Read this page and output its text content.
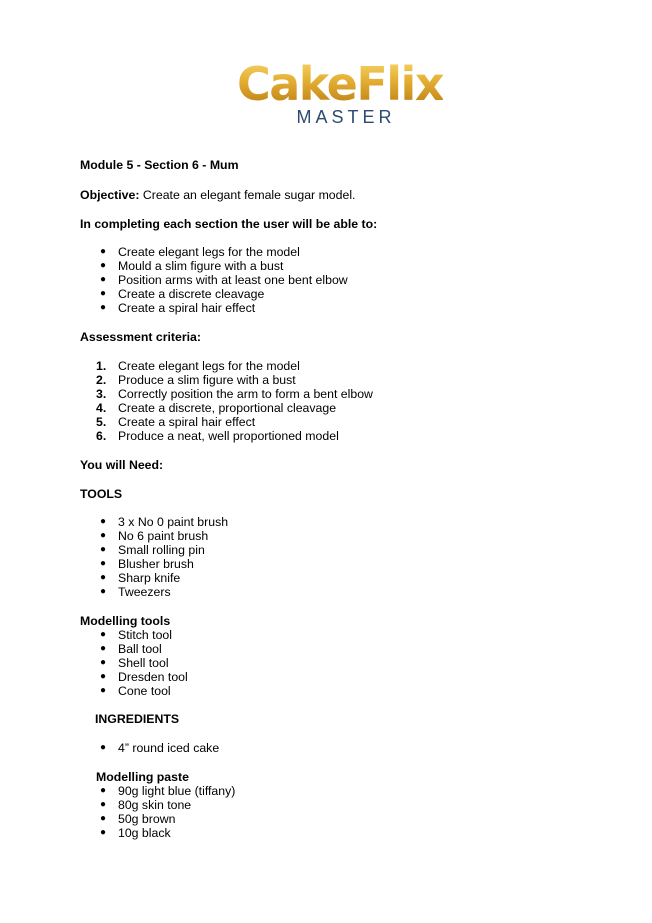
CakeFlix
MASTER
Module 5 - Section 6 - Mum
Objective: Create an elegant female sugar model.
In completing each section the user will be able to:
● Create elegant legs for the model
● Mould a slim figure with a bust
● Position arms with at least one bent elbow
● Create a discrete cleavage
● Create a spiral hair effect
Assessment criteria:
1. Create elegant legs for the model
2. Produce a slim figure with a bust
3. Correctly position the arm to form a bent elbow
4. Create a discrete, proportional cleavage
5. Create a spiral hair effect
6. Produce a neat, well proportioned model
You will Need:
TOOLS
● 3 x No 0 paint brush
● No 6 paint brush
● Small rolling pin
● Blusher brush
● Sharp knife
● Tweezers
Modelling tools
● Stitch tool
● Ball tool
● Shell tool
● Dresden tool
● Cone tool
INGREDIENTS
● 4” round iced cake
Modelling paste
● 90g light blue (tiffany)
● 80g skin tone
● 50g brown
● 10g black
